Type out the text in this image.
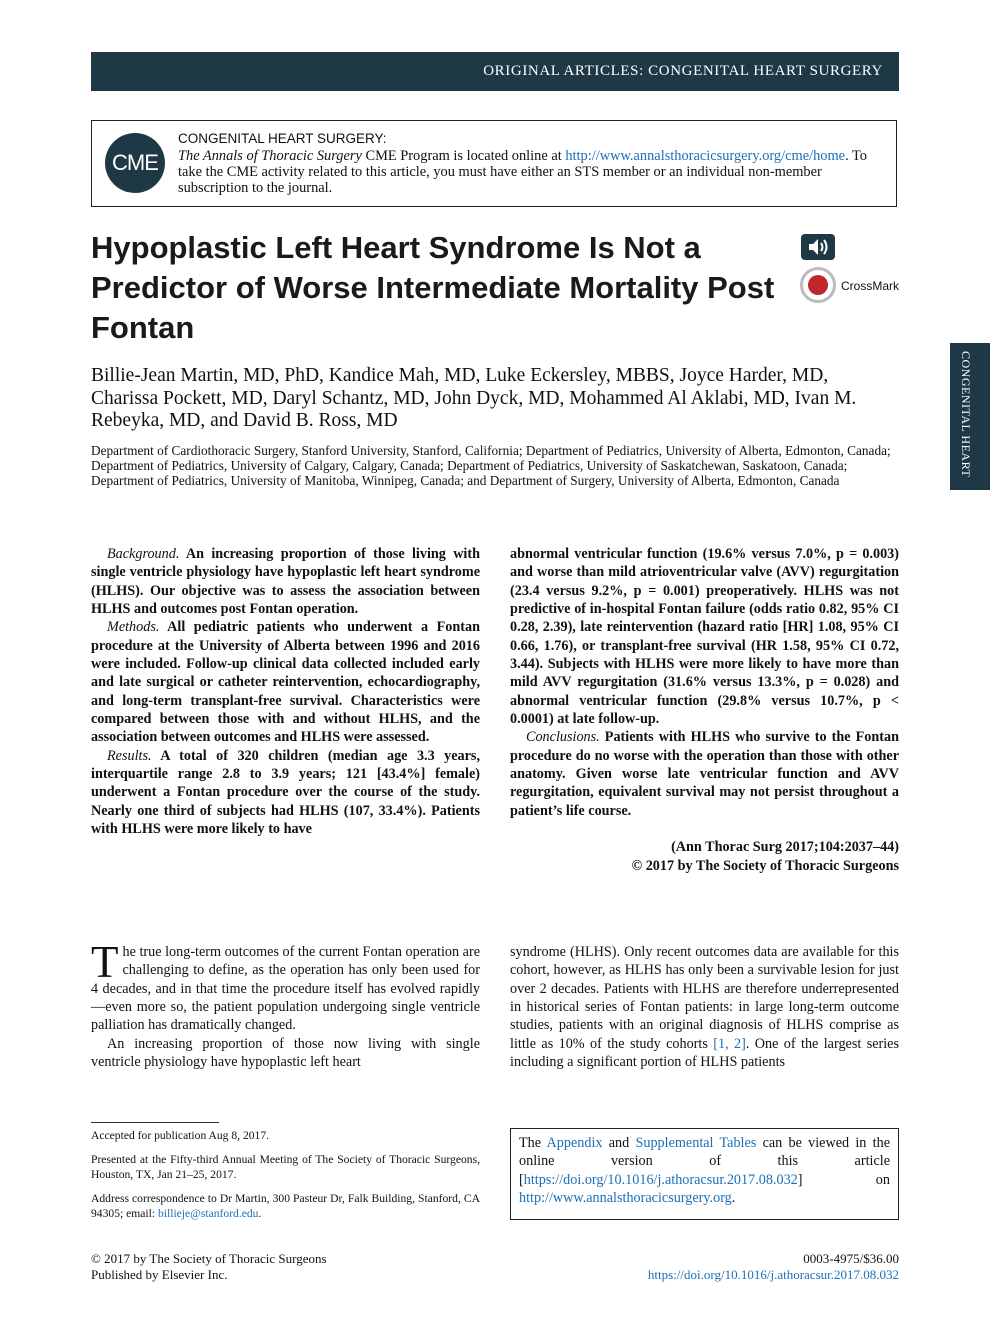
ORIGINAL ARTICLES: CONGENITAL HEART SURGERY
CME
CONGENITAL HEART SURGERY:
The Annals of Thoracic Surgery CME Program is located online at http://www.annalsthoracicsurgery.org/cme/home. To take the CME activity related to this article, you must have either an STS member or an individual non-member subscription to the journal.
Hypoplastic Left Heart Syndrome Is Not a Predictor of Worse Intermediate Mortality Post Fontan
CrossMark
CONGENITAL HEART
Billie-Jean Martin, MD, PhD, Kandice Mah, MD, Luke Eckersley, MBBS, Joyce Harder, MD, Charissa Pockett, MD, Daryl Schantz, MD, John Dyck, MD, Mohammed Al Aklabi, MD, Ivan M. Rebeyka, MD, and David B. Ross, MD
Department of Cardiothoracic Surgery, Stanford University, Stanford, California; Department of Pediatrics, University of Alberta, Edmonton, Canada; Department of Pediatrics, University of Calgary, Calgary, Canada; Department of Pediatrics, University of Saskatchewan, Saskatoon, Canada; Department of Pediatrics, University of Manitoba, Winnipeg, Canada; and Department of Surgery, University of Alberta, Edmonton, Canada

Background. An increasing proportion of those living with single ventricle physiology have hypoplastic left heart syndrome (HLHS). Our objective was to assess the association between HLHS and outcomes post Fontan operation.

Methods. All pediatric patients who underwent a Fontan procedure at the University of Alberta between 1996 and 2016 were included. Follow-up clinical data collected included early and late surgical or catheter reintervention, echocardiography, and long-term transplant-free survival. Characteristics were compared between those with and without HLHS, and the association between outcomes and HLHS were assessed.

Results. A total of 320 children (median age 3.3 years, interquartile range 2.8 to 3.9 years; 121 [43.4%] female) underwent a Fontan procedure over the course of the study. Nearly one third of subjects had HLHS (107, 33.4%). Patients with HLHS were more likely to have

abnormal ventricular function (19.6% versus 7.0%, p = 0.003) and worse than mild atrioventricular valve (AVV) regurgitation (23.4 versus 9.2%, p = 0.001) preoperatively. HLHS was not predictive of in-hospital Fontan failure (odds ratio 0.82, 95% CI 0.28, 2.39), late reintervention (hazard ratio [HR] 1.08, 95% CI 0.66, 1.76), or transplant-free survival (HR 1.58, 95% CI 0.72, 3.44). Subjects with HLHS were more likely to have more than mild AVV regurgitation (31.6% versus 13.3%, p = 0.028) and abnormal ventricular function (29.8% versus 10.7%, p < 0.0001) at late follow-up.

Conclusions. Patients with HLHS who survive to the Fontan procedure do no worse with the operation than those with other anatomy. Given worse late ventricular function and AVV regurgitation, equivalent survival may not persist throughout a patient’s life course.

(Ann Thorac Surg 2017;104:2037–44)

© 2017 by The Society of Thoracic Surgeons

The true long-term outcomes of the current Fontan operation are challenging to define, as the operation has only been used for 4 decades, and in that time the procedure itself has evolved rapidly—even more so, the patient population undergoing single ventricle palliation has dramatically changed.

An increasing proportion of those now living with single ventricle physiology have hypoplastic left heart

syndrome (HLHS). Only recent outcomes data are available for this cohort, however, as HLHS has only been a survivable lesion for just over 2 decades. Patients with HLHS are therefore underrepresented in historical series of Fontan patients: in large long-term outcome studies, patients with an original diagnosis of HLHS comprise as little as 10% of the study cohorts [1, 2]. One of the largest series including a significant portion of HLHS patients

Accepted for publication Aug 8, 2017.

Presented at the Fifty-third Annual Meeting of The Society of Thoracic Surgeons, Houston, TX, Jan 21–25, 2017.

Address correspondence to Dr Martin, 300 Pasteur Dr, Falk Building, Stanford, CA 94305; email: billieje@stanford.edu.

The Appendix and Supplemental Tables can be viewed in the online version of this article [https://doi.org/10.1016/j.athoracsur.2017.08.032] on http://www.annalsthoracicsurgery.org.
© 2017 by The Society of Thoracic Surgeons
Published by Elsevier Inc.
0003-4975/$36.00
https://doi.org/10.1016/j.athoracsur.2017.08.032
